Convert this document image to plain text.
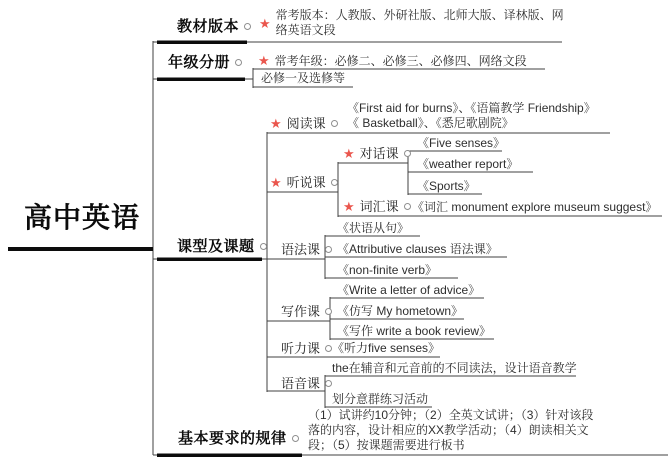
高中英语
教材版本 ★
常考版本：人教版、外研社版、北师大版、译林版、网
络英语文段
年级分册 ★ 常考年级：必修二、必修三、必修四、网络文段
必修一及选修等
课型及课题
★ 阅读课
《First aid for burns》、《语篇教学 Friendship》
《 Basketball》、《悉尼歌剧院》
★ 听说课
★ 对话课
《Five senses》
《weather report》
《Sports》
★ 词汇课 《词汇 monument explore museum suggest》
语法课
《状语从句》
《Attributive clauses 语法课》
《non-finite verb》
写作课
《Write a letter of advice》
《仿写 My hometown》
《写作 write a book review》
听力课 《听力five senses》
语音课
the在辅音和元音前的不同读法，设计语音教学
划分意群练习活动
基本要求的规律
（1）试讲约10分钟；（2）全英文试讲；（3）针对该段
落的内容，设计相应的XX教学活动；（4）朗读相关文
段；（5）按课题需要进行板书
